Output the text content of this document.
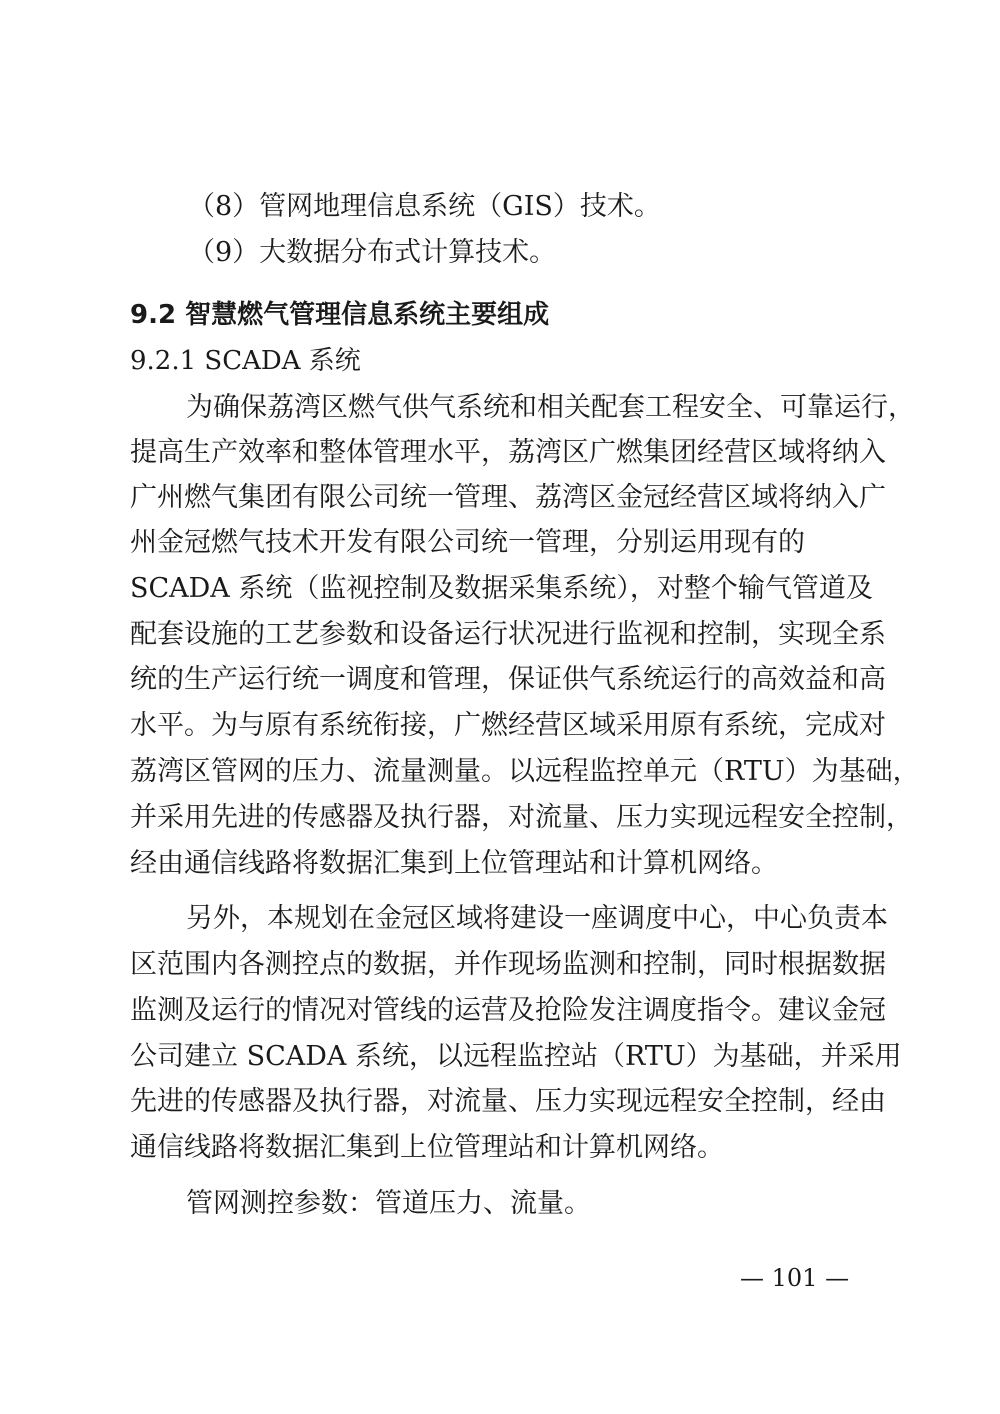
（8）管网地理信息系统（GIS）技术。
（9）大数据分布式计算技术。
9.2 智慧燃气管理信息系统主要组成
9.2.1 SCADA 系统
为确保荔湾区燃气供气系统和相关配套工程安全、可靠运行，
提高生产效率和整体管理水平，荔湾区广燃集团经营区域将纳入
广州燃气集团有限公司统一管理、荔湾区金冠经营区域将纳入广
州金冠燃气技术开发有限公司统一管理，分别运用现有的
SCADA 系统（监视控制及数据采集系统），对整个输气管道及
配套设施的工艺参数和设备运行状况进行监视和控制，实现全系
统的生产运行统一调度和管理，保证供气系统运行的高效益和高
水平。为与原有系统衔接，广燃经营区域采用原有系统，完成对
荔湾区管网的压力、流量测量。以远程监控单元（RTU）为基础，
并采用先进的传感器及执行器，对流量、压力实现远程安全控制，
经由通信线路将数据汇集到上位管理站和计算机网络。
另外，本规划在金冠区域将建设一座调度中心，中心负责本
区范围内各测控点的数据，并作现场监测和控制，同时根据数据
监测及运行的情况对管线的运营及抢险发注调度指令。建议金冠
公司建立 SCADA 系统，以远程监控站（RTU）为基础，并采用
先进的传感器及执行器，对流量、压力实现远程安全控制，经由
通信线路将数据汇集到上位管理站和计算机网络。
管网测控参数：管道压力、流量。
— 101 —
